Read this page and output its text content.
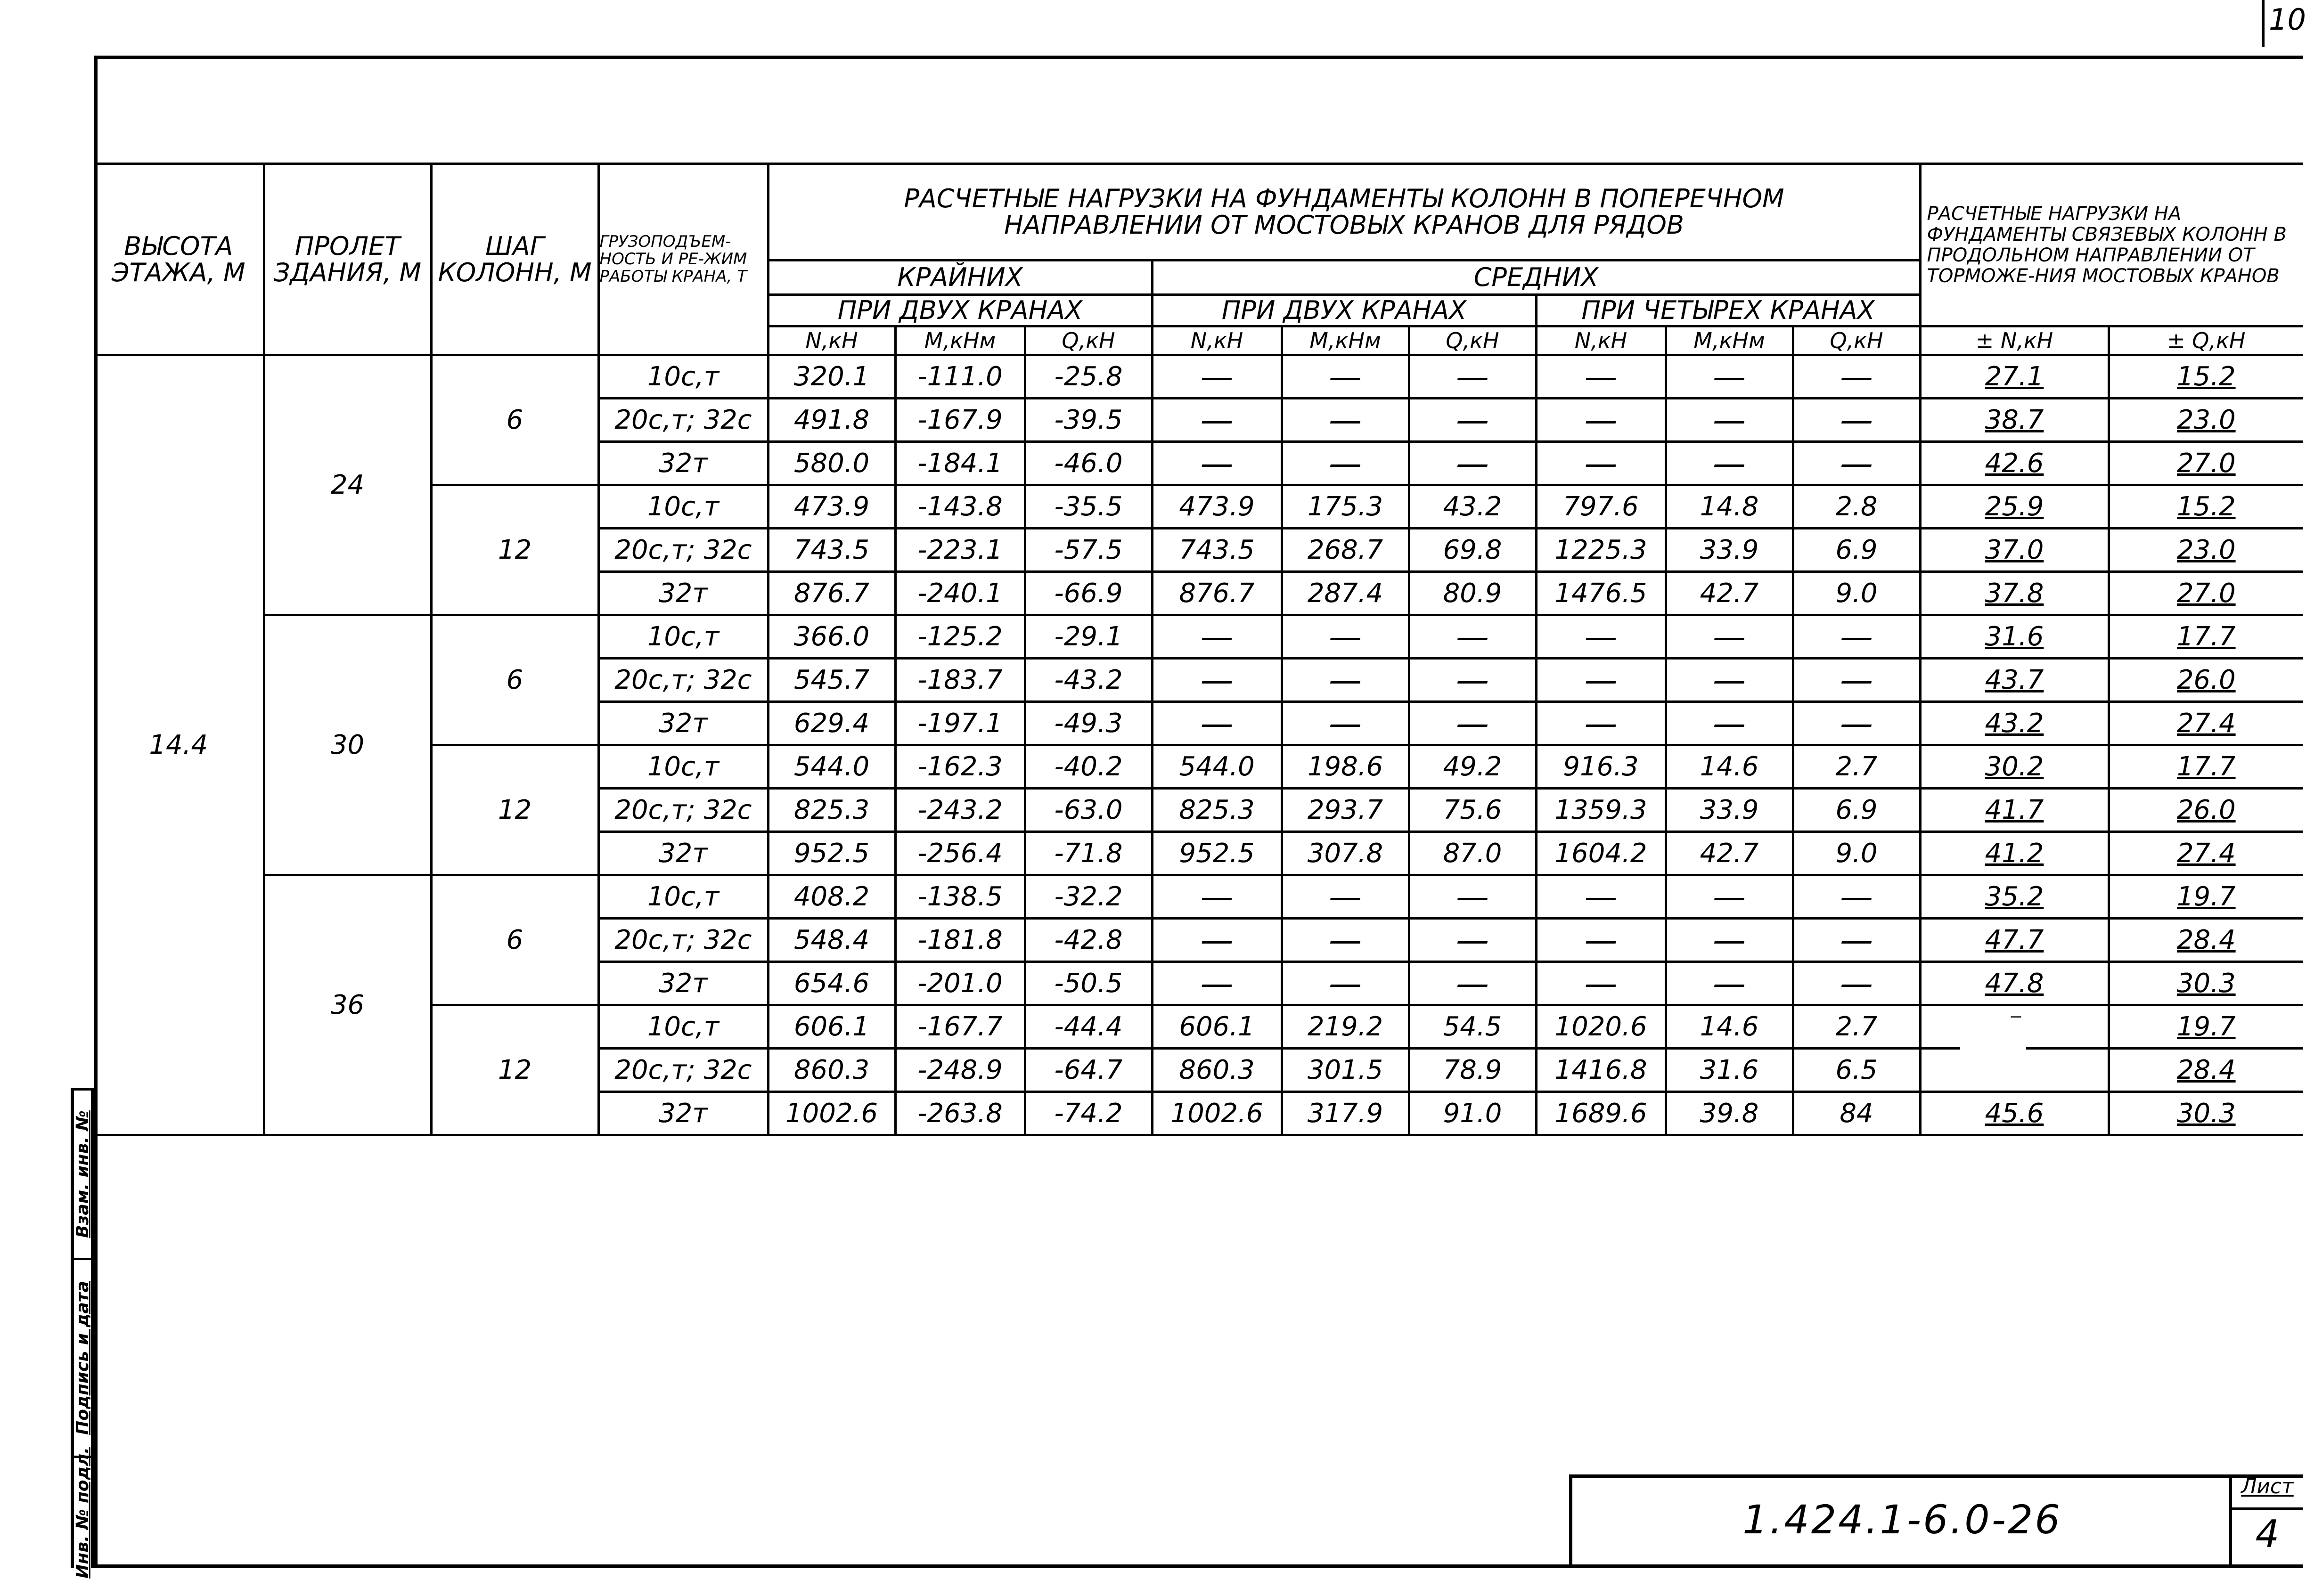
10
Взам. инв. №
Подпись и дата
Инв. № подл.
ВЫСОТА ЭТАЖА, М	ПРОЛЕТ ЗДАНИЯ, М	ШАГ КОЛОНН, М	ГРУЗОПОДЪЕМ-НОСТЬ И РЕ-ЖИМ РАБОТЫ КРАНА, Т	РАСЧЕТНЫЕ НАГРУЗКИ НА ФУНДАМЕНТЫ КОЛОНН В ПОПЕРЕЧНОМ НАПРАВЛЕНИИ ОТ МОСТОВЫХ КРАНОВ ДЛЯ РЯДОВ									РАСЧЕТНЫЕ НАГРУЗКИ НА ФУНДАМЕНТЫ СВЯЗЕВЫХ КОЛОНН В ПРОДОЛЬНОМ НАПРАВЛЕНИИ ОТ ТОРМОЖЕ-НИЯ МОСТОВЫХ КРАНОВ	
				КРАЙНИХ			СРЕДНИХ							
				ПРИ ДВУХ КРАНАХ			ПРИ ДВУХ КРАНАХ			ПРИ ЧЕТЫРЕХ КРАНАХ				
				N,кН	M,кНм	Q,кН	N,кН	M,кНм	Q,кН	N,кН	M,кНм	Q,кН	± N,кН	± Q,кН
14.4	24	6	10с,т	320.1	-111.0	-25.8	—	—	—	—	—	—	27.1	15.2
			20с,т; 32с	491.8	-167.9	-39.5	—	—	—	—	—	—	38.7	23.0
			32т	580.0	-184.1	-46.0	—	—	—	—	—	—	42.6	27.0
		12	10с,т	473.9	-143.8	-35.5	473.9	175.3	43.2	797.6	14.8	2.8	25.9	15.2
			20с,т; 32с	743.5	-223.1	-57.5	743.5	268.7	69.8	1225.3	33.9	6.9	37.0	23.0
			32т	876.7	-240.1	-66.9	876.7	287.4	80.9	1476.5	42.7	9.0	37.8	27.0
	30	6	10с,т	366.0	-125.2	-29.1	—	—	—	—	—	—	31.6	17.7
			20с,т; 32с	545.7	-183.7	-43.2	—	—	—	—	—	—	43.7	26.0
			32т	629.4	-197.1	-49.3	—	—	—	—	—	—	43.2	27.4
		12	10с,т	544.0	-162.3	-40.2	544.0	198.6	49.2	916.3	14.6	2.7	30.2	17.7
			20с,т; 32с	825.3	-243.2	-63.0	825.3	293.7	75.6	1359.3	33.9	6.9	41.7	26.0
			32т	952.5	-256.4	-71.8	952.5	307.8	87.0	1604.2	42.7	9.0	41.2	27.4
	36	6	10с,т	408.2	-138.5	-32.2	—	—	—	—	—	—	35.2	19.7
			20с,т; 32с	548.4	-181.8	-42.8	—	—	—	—	—	—	47.7	28.4
			32т	654.6	-201.0	-50.5	—	—	—	—	—	—	47.8	30.3
		12	10с,т	606.1	-167.7	-44.4	606.1	219.2	54.5	1020.6	14.6	2.7		19.7
			20с,т; 32с	860.3	-248.9	-64.7	860.3	301.5	78.9	1416.8	31.6	6.5		28.4
			32т	1002.6	-263.8	-74.2	1002.6	317.9	91.0	1689.6	39.8	84	45.6	30.3
1.424.1-6.0-26
Лист
4
